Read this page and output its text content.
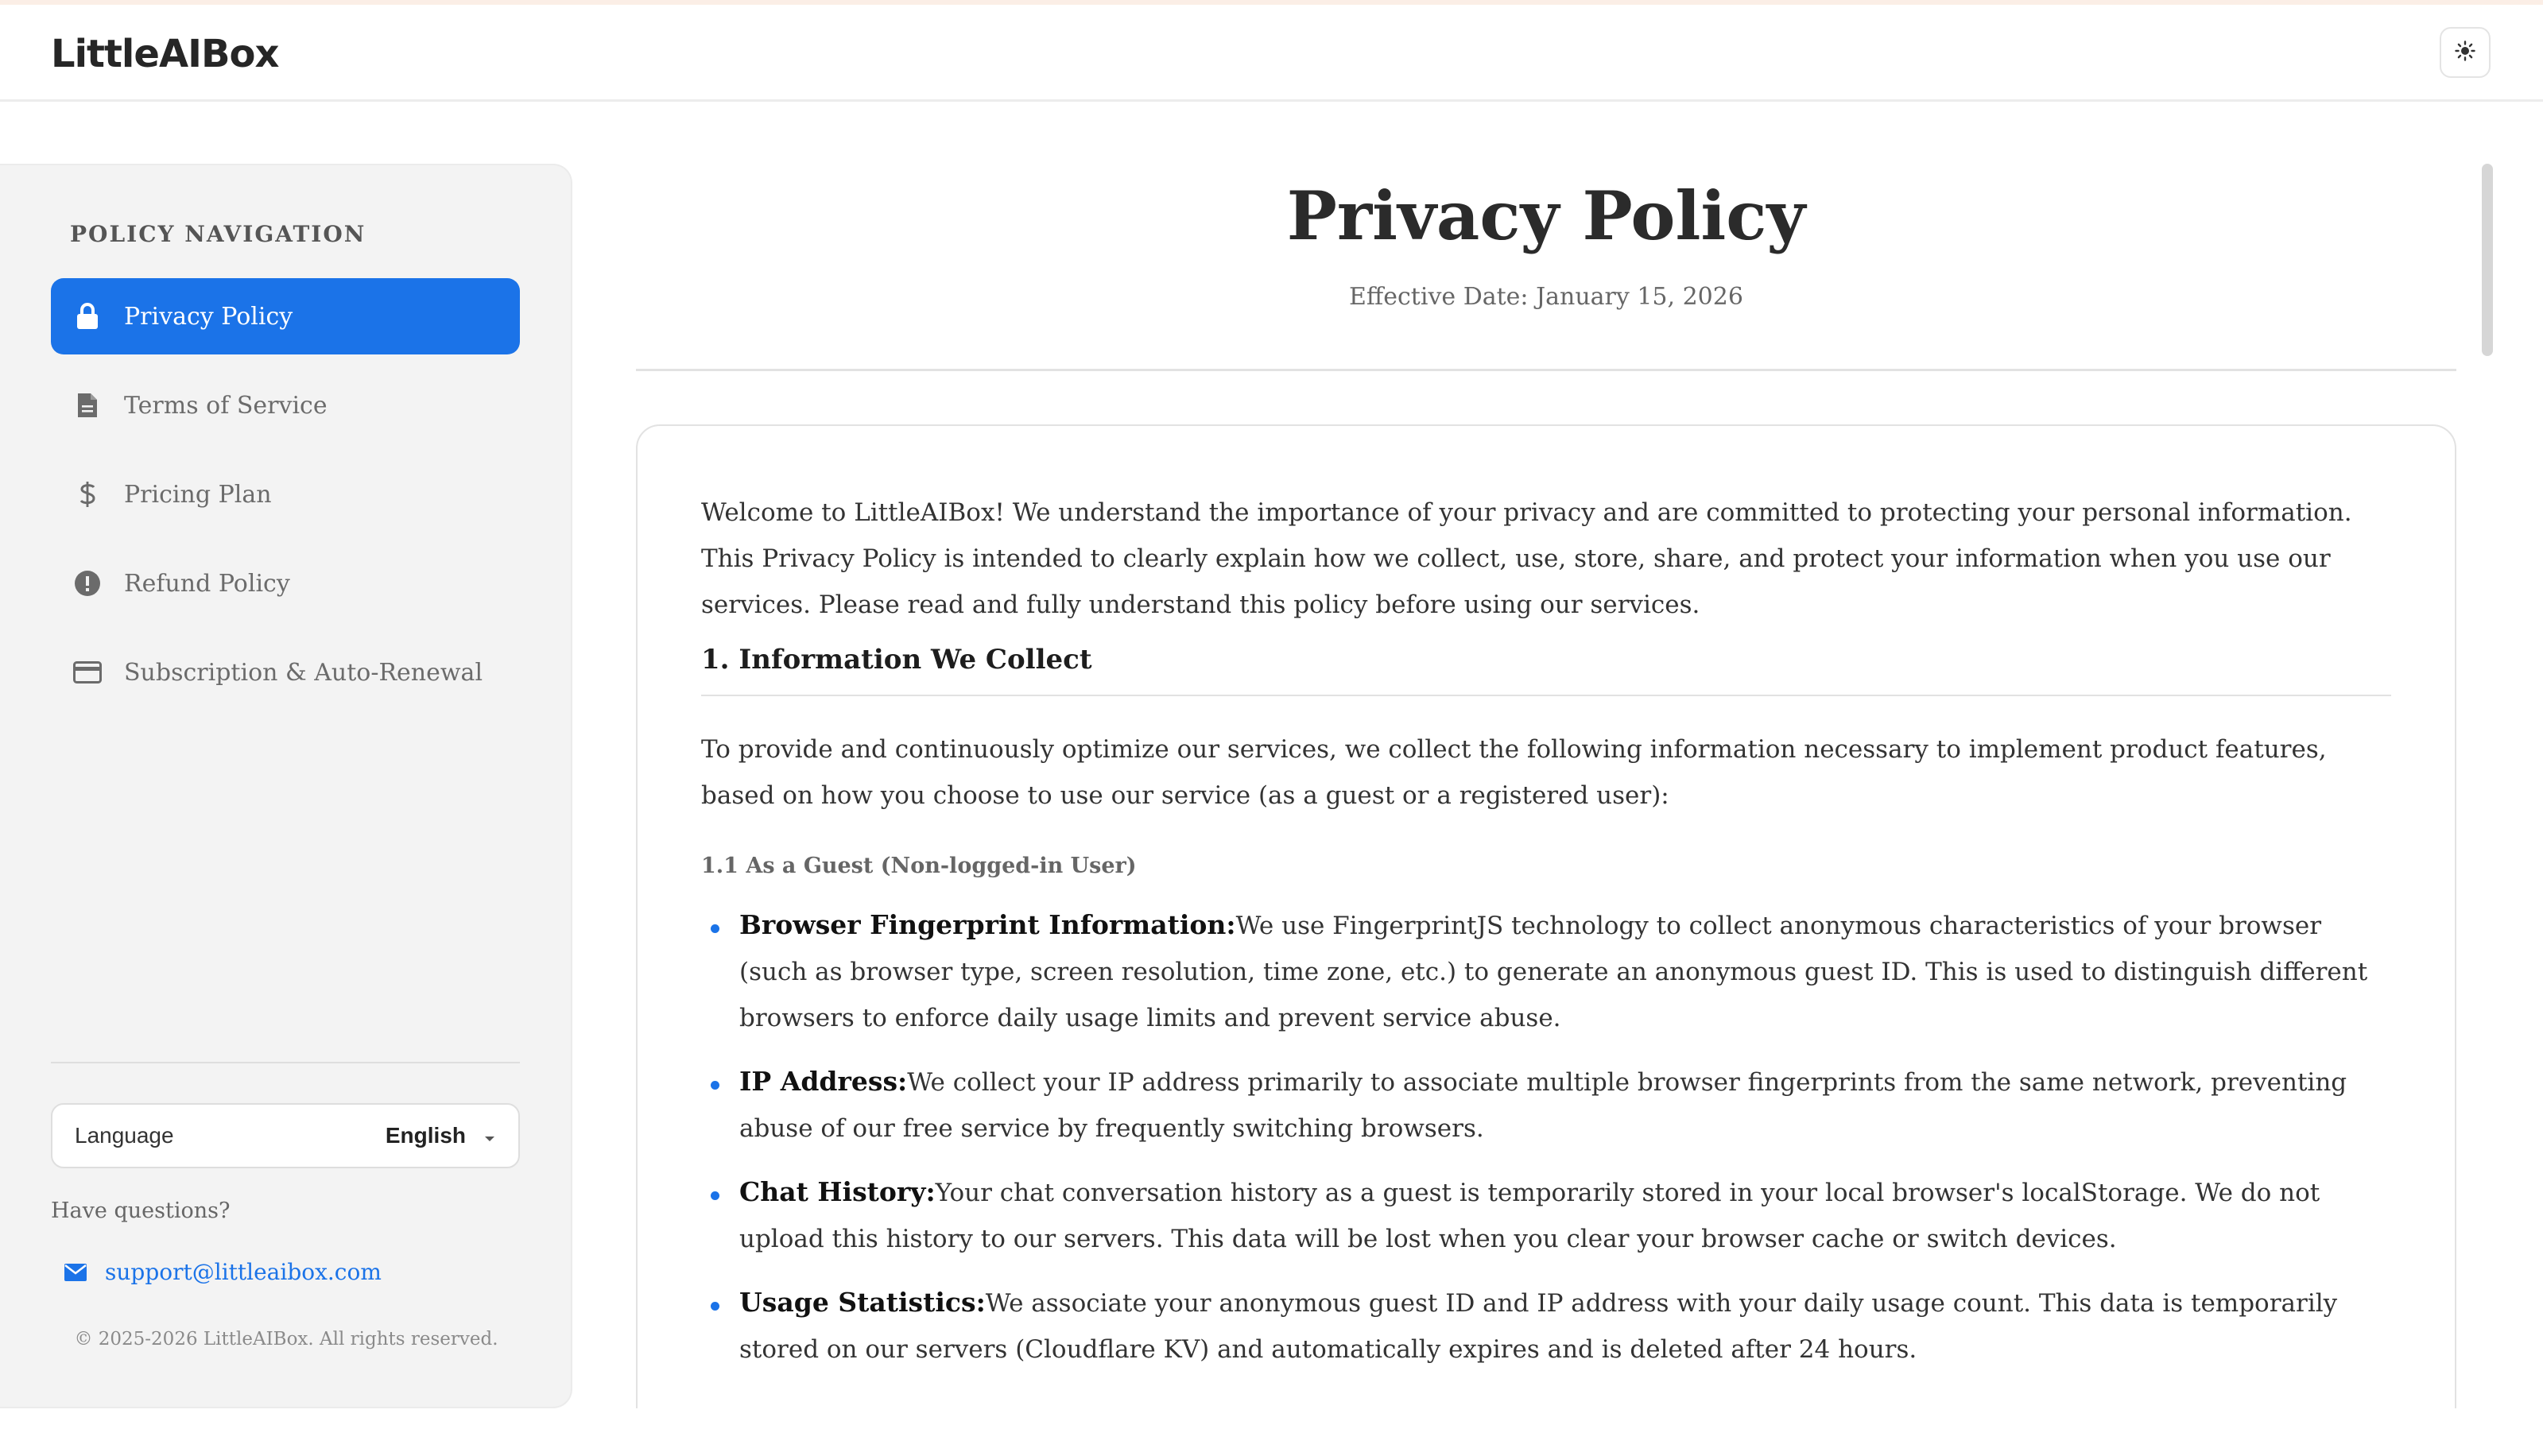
LittleAIBox
POLICY NAVIGATION
Privacy Policy
Terms of Service
Pricing Plan
Refund Policy
Subscription & Auto-Renewal
Language	English
Have questions?
support@littleaibox.com
© 2025-2026 LittleAIBox. All rights reserved.
Privacy Policy
Effective Date: January 15, 2026

Welcome to LittleAIBox! We understand the importance of your privacy and are committed to protecting your personal information. This Privacy Policy is intended to clearly explain how we collect, use, store, share, and protect your information when you use our services. Please read and fully understand this policy before using our services.

1. Information We Collect

To provide and continuously optimize our services, we collect the following information necessary to implement product features, based on how you choose to use our service (as a guest or a registered user):

1.1 As a Guest (Non-logged-in User)
Browser Fingerprint Information:We use FingerprintJS technology to collect anonymous characteristics of your browser (such as browser type, screen resolution, time zone, etc.) to generate an anonymous guest ID. This is used to distinguish different browsers to enforce daily usage limits and prevent service abuse.
IP Address:We collect your IP address primarily to associate multiple browser fingerprints from the same network, preventing abuse of our free service by frequently switching browsers.
Chat History:Your chat conversation history as a guest is temporarily stored in your local browser's localStorage. We do not upload this history to our servers. This data will be lost when you clear your browser cache or switch devices.
Usage Statistics:We associate your anonymous guest ID and IP address with your daily usage count. This data is temporarily stored on our servers (Cloudflare KV) and automatically expires and is deleted after 24 hours.
